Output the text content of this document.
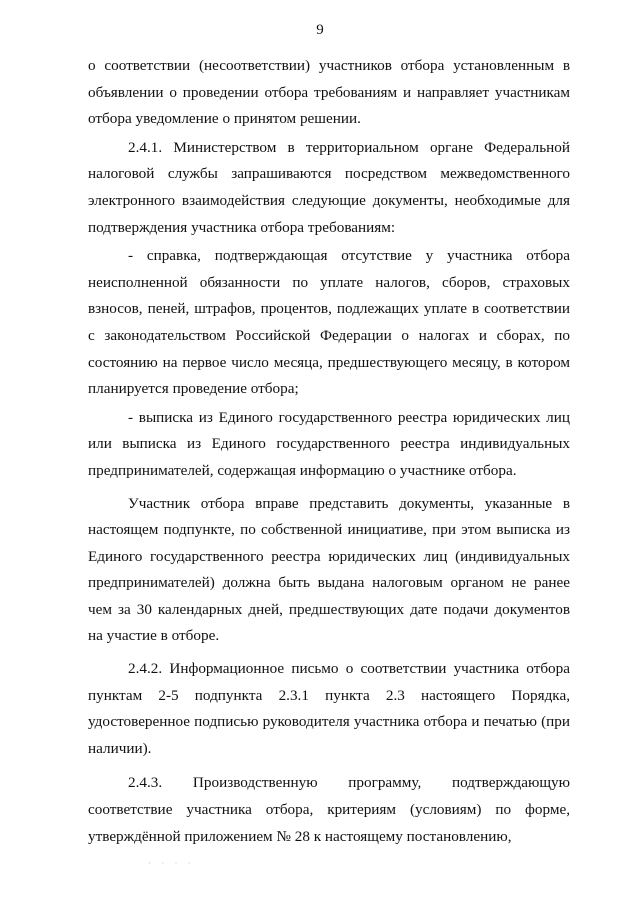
9

о соответствии (несоответствии) участников отбора установленным в объявлении о проведении отбора требованиям и направляет участникам отбора уведомление о принятом решении.

2.4.1. Министерством в территориальном органе Федеральной налоговой службы запрашиваются посредством межведомственного электронного взаимодействия следующие документы, необходимые для подтверждения участника отбора требованиям:

- справка, подтверждающая отсутствие у участника отбора неисполненной обязанности по уплате налогов, сборов, страховых взносов, пеней, штрафов, процентов, подлежащих уплате в соответствии с законодательством Российской Федерации о налогах и сборах, по состоянию на первое число месяца, предшествующего месяцу, в котором планируется проведение отбора;

- выписка из Единого государственного реестра юридических лиц или выписка из Единого государственного реестра индивидуальных предпринимателей, содержащая информацию о участнике отбора.

Участник отбора вправе представить документы, указанные в настоящем подпункте, по собственной инициативе, при этом выписка из Единого государственного реестра юридических лиц (индивидуальных предпринимателей) должна быть выдана налоговым органом не ранее чем за 30 календарных дней, предшествующих дате подачи документов на участие в отборе.

2.4.2. Информационное письмо о соответствии участника отбора пунктам 2-5 подпункта 2.3.1 пункта 2.3 настоящего Порядка, удостоверенное подписью руководителя участника отбора и печатью (при наличии).

2.4.3. Производственную программу, подтверждающую соответствие участника отбора, критериям (условиям) по форме, утверждённой приложением № 28 к настоящему постановлению,

· · · ·
